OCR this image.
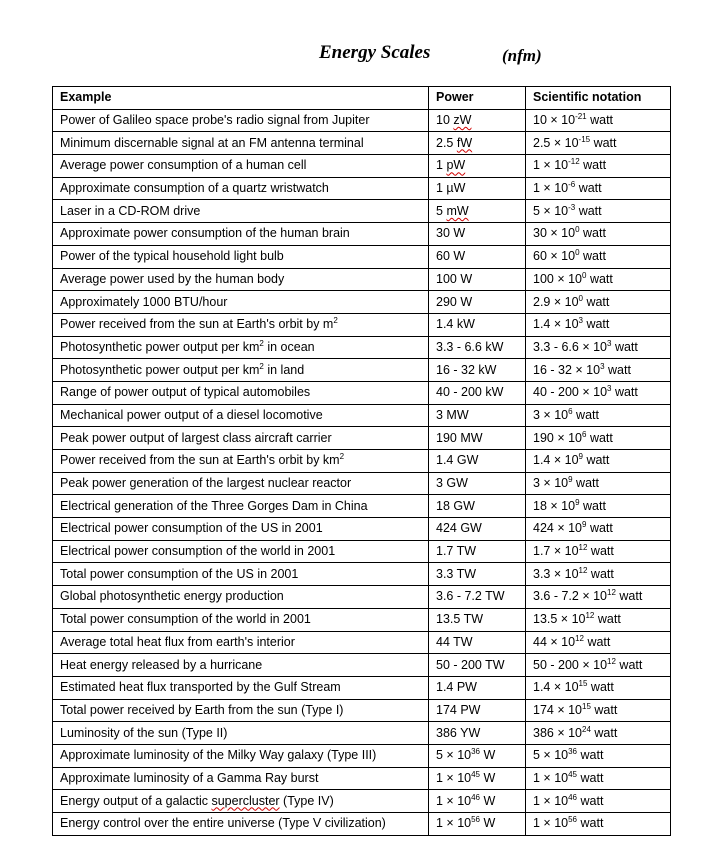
Energy Scales	(nfm)
Example	Power	Scientific notation
Power of Galileo space probe's radio signal from Jupiter	10 zW	$10 \times 10^{-21}$ watt
Minimum discernable signal at an FM antenna terminal	2.5 fW	$2.5 \times 10^{-15}$ watt
Average power consumption of a human cell	1 pW	$1 \times 10^{-12}$ watt
Approximate consumption of a quartz wristwatch	1 µW	$1 \times 10^{-6}$ watt
Laser in a CD-ROM drive	5 mW	$5 \times 10^{-3}$ watt
Approximate power consumption of the human brain	30 W	$30 \times 10^0$ watt
Power of the typical household light bulb	60 W	$60 \times 10^0$ watt
Average power used by the human body	100 W	$100 \times 10^0$ watt
Approximately 1000 BTU/hour	290 W	$2.9 \times 10^0$ watt
Power received from the sun at Earth's orbit by $m^2$	1.4 kW	$1.4 \times 10^3$ watt
Photosynthetic power output per $km^2$ in ocean	3.3 - 6.6 kW	$3.3 - 6.6 \times 10^3$ watt
Photosynthetic power output per $km^2$ in land	16 - 32 kW	$16 - 32 \times 10^3$ watt
Range of power output of typical automobiles	40 - 200 kW	$40 - 200 \times 10^3$ watt
Mechanical power output of a diesel locomotive	3 MW	$3 \times 10^6$ watt
Peak power output of largest class aircraft carrier	190 MW	$190 \times 10^6$ watt
Power received from the sun at Earth's orbit by $km^2$	1.4 GW	$1.4 \times 10^9$ watt
Peak power generation of the largest nuclear reactor	3 GW	$3 \times 10^9$ watt
Electrical generation of the Three Gorges Dam in China	18 GW	$18 \times 10^9$ watt
Electrical power consumption of the US in 2001	424 GW	$424 \times 10^9$ watt
Electrical power consumption of the world in 2001	1.7 TW	$1.7 \times 10^{12}$ watt
Total power consumption of the US in 2001	3.3 TW	$3.3 \times 10^{12}$ watt
Global photosynthetic energy production	3.6 - 7.2 TW	$3.6 - 7.2 \times 10^{12}$ watt
Total power consumption of the world in 2001	13.5 TW	$13.5 \times 10^{12}$ watt
Average total heat flux from earth's interior	44 TW	$44 \times 10^{12}$ watt
Heat energy released by a hurricane	50 - 200 TW	$50 - 200 \times 10^{12}$ watt
Estimated heat flux transported by the Gulf Stream	1.4 PW	$1.4 \times 10^{15}$ watt
Total power received by Earth from the sun (Type I)	174 PW	$174 \times 10^{15}$ watt
Luminosity of the sun (Type II)	386 YW	$386 \times 10^{24}$ watt
Approximate luminosity of the Milky Way galaxy (Type III)	$5 \times 10^{36}$ W	$5 \times 10^{36}$ watt
Approximate luminosity of a Gamma Ray burst	$1 \times 10^{45}$ W	$1 \times 10^{45}$ watt
Energy output of a galactic supercluster (Type IV)	$1 \times 10^{46}$ W	$1 \times 10^{46}$ watt
Energy control over the entire universe (Type V civilization)	$1 \times 10^{56}$ W	$1 \times 10^{56}$ watt
